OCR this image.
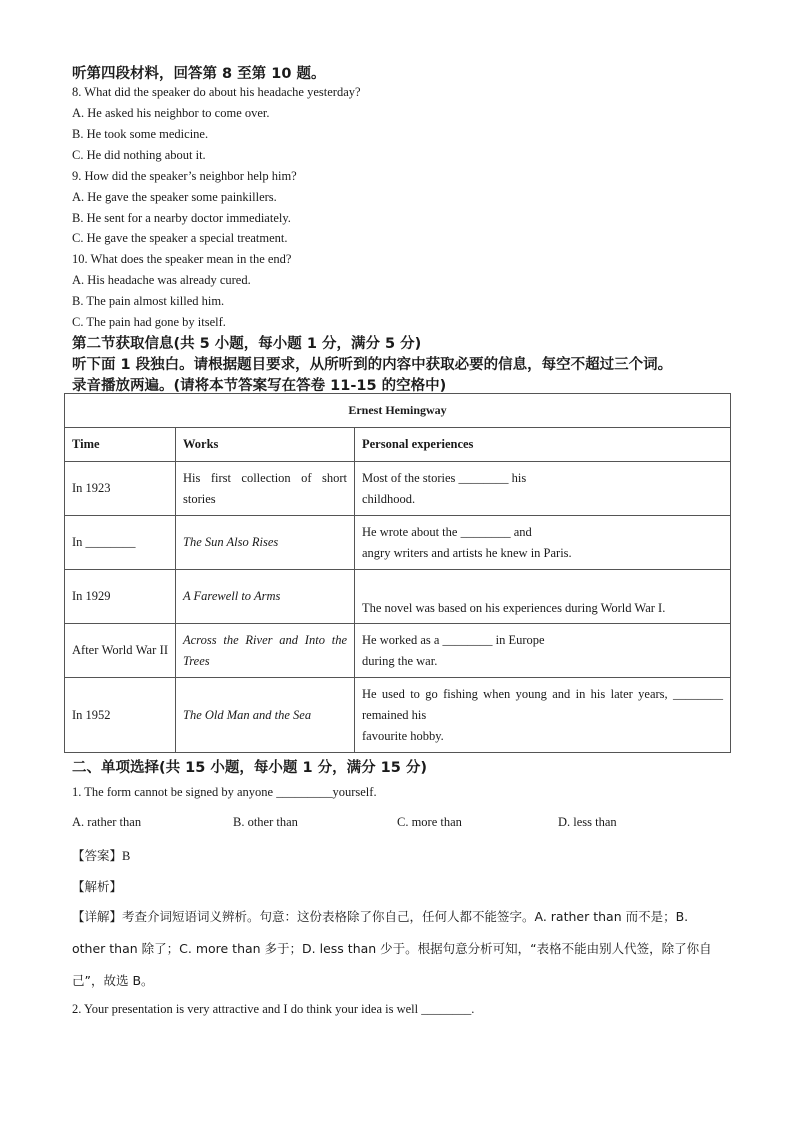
听第四段材料，回答第 8 至第 10 题。
8. What did the speaker do about his headache yesterday?
A. He asked his neighbor to come over.
B. He took some medicine.
C. He did nothing about it.
9. How did the speaker’s neighbor help him?
A. He gave the speaker some painkillers.
B. He sent for a nearby doctor immediately.
C. He gave the speaker a special treatment.
10. What does the speaker mean in the end?
A. His headache was already cured.
B. The pain almost killed him.
C. The pain had gone by itself.
第二节获取信息(共 5 小题，每小题 1 分，满分 5 分)
听下面 1 段独白。请根据题目要求，从所听到的内容中获取必要的信息，每空不超过三个词。
录音播放两遍。(请将本节答案写在答卷 11-15 的空格中)
Ernest Hemingway		
Time	Works	Personal experiences
In 1923	His first collection of short stories	Most of the stories ________ his
childhood.

In ________	The Sun Also Rises	He wrote about the ________ and
angry writers and artists he knew in Paris.

In 1929	A Farewell to Arms	The novel was based on his experiences during World War I.

After World War II	Across the River and Into the Trees	He worked as a ________ in Europe
during the war.

In 1952	The Old Man and the Sea	He used to go fishing when young and in his later years, ________ remained his
favourite hobby.
二、单项选择(共 15 小题，每小题 1 分，满分 15 分)
1. The form cannot be signed by anyone _________yourself.
A. rather than	B. other than	C. more than	D. less than
【答案】B
【解析】
【详解】考查介词短语词义辨析。句意：这份表格除了你自己，任何人都不能签字。A. rather than 而不是；B. other than 除了；C. more than 多于；D. less than 少于。根据句意分析可知，“表格不能由别人代签，除了你自己”，故选 B。
2. Your presentation is very attractive and I do think your idea is well ________.
